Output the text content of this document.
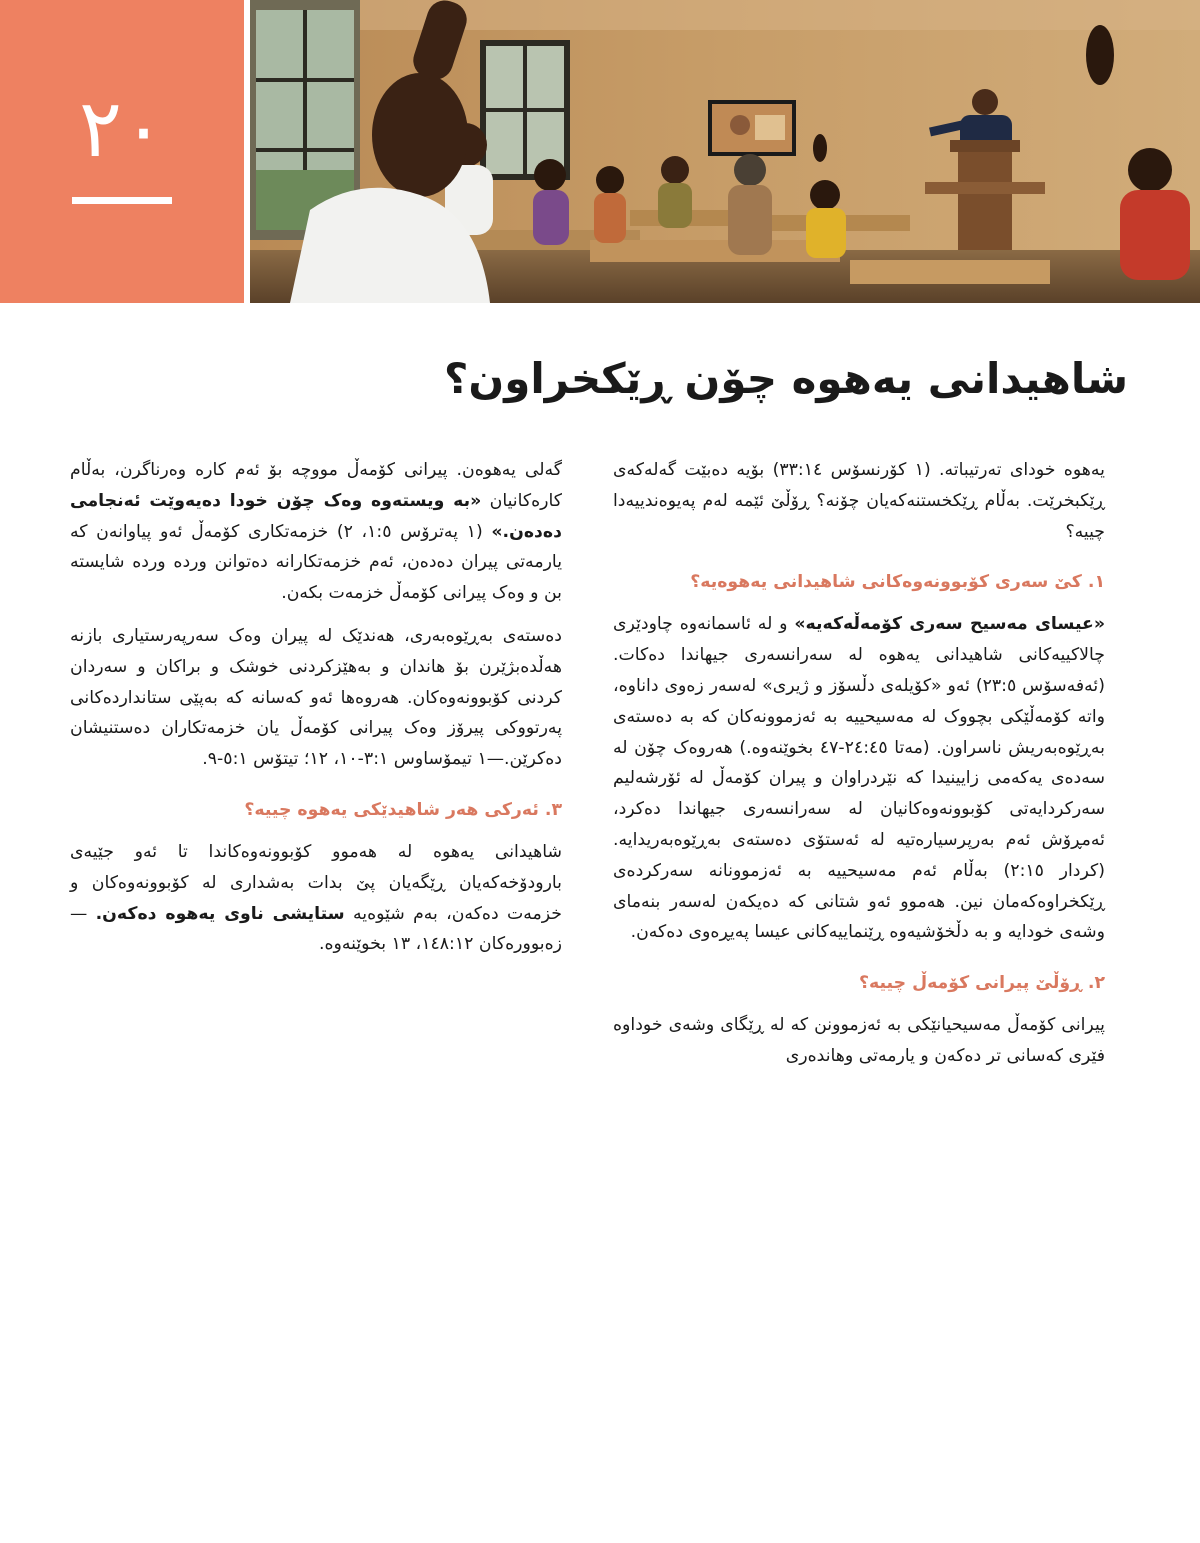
٢٠
شاهیدانی یەهوە چۆن ڕێکخراون؟

یەهوە خودای تەرتیباتە. (١ کۆرنسۆس ٣٣:١٤) بۆیە دەبێت گەلەکەی ڕێکبخرێت. بەڵام ڕێکخستنەکەیان چۆنە؟ ڕۆڵێ ئێمە لەم پەیوەندییەدا چییە؟

١. کێ سەری کۆبوونەوەکانی شاهیدانی یەهوەیە؟

«عیسای مەسیح سەری کۆمەڵەکەیە» و لە ئاسمانەوە چاودێری چالاکییەکانی شاهیدانی یەهوە لە سەرانسەری جیهاندا دەکات. (ئەفەسۆس ٢٣:٥) ئەو «کۆیلەی دڵسۆز و ژیری» لەسەر زەوی داناوە، واتە کۆمەڵێکی بچووک لە مەسیحییە بە ئەزموونەکان کە بە دەستەی بەڕێوەبەریش ناسراون. (مەتا ٢٤:٤٥-٤٧ بخوێنەوە.) هەروەک چۆن لە سەدەی یەکەمی زایینیدا کە نێردراوان و پیران کۆمەڵ لە ئۆرشەلیم سەرکردایەتی کۆبوونەوەکانیان لە سەرانسەری جیهاندا دەکرد، ئەمڕۆش ئەم بەرپرسیارەتیە لە ئەستۆی دەستەی بەڕێوەبەریدایە. (کردار ٢:١٥) بەڵام ئەم مەسیحییە بە ئەزموونانە سەرکردەی ڕێکخراوەکەمان نین. هەموو ئەو شتانی کە دەیکەن لەسەر بنەمای وشەی خودایە و بە دڵخۆشیەوە ڕێنماییەکانی عیسا پەیڕەوی دەکەن.

٢. ڕۆڵێ پیرانی کۆمەڵ چییە؟

پیرانی کۆمەڵ مەسیحیانێکی بە ئەزموونن کە لە ڕێگای وشەی خوداوە فێری کەسانی تر دەکەن و یارمەتی وهاندەری

گەلی یەهوەن. پیرانی کۆمەڵ مووچە بۆ ئەم کارە وەرناگرن، بەڵام کارەکانیان «بە ویستەوە وەک چۆن خودا دەیەوێت ئەنجامی دەدەن.» (١ پەترۆس ١:٥، ٢) خزمەتکاری کۆمەڵ ئەو پیاوانەن کە یارمەتی پیران دەدەن، ئەم خزمەتکارانە دەتوانن وردە وردە شایستە بن و وەک پیرانی کۆمەڵ خزمەت بکەن.

دەستەی بەڕێوەبەری، هەندێک لە پیران وەک سەرپەرستیاری بازنە هەڵدەبژێرن بۆ هاندان و بەهێزکردنی خوشک و براکان و سەردان کردنی کۆبوونەوەکان. هەروەها ئەو کەسانە کە بەپێی ستانداردەکانی پەرتووکی پیرۆز وەک پیرانی کۆمەڵ یان خزمەتکاران دەستنیشان دەکرێن.—١ تیمۆساوس ٣:١-١٠، ١٢؛ تیتۆس ٥:١-٩.

٣. ئەرکی هەر شاهیدێکی یەهوە چییە؟

شاهیدانی یەهوە لە هەموو کۆبوونەوەکاندا تا ئەو جێیەی بارودۆخەکەیان ڕێگەیان پێ بدات بەشداری لە کۆبوونەوەکان و خزمەت دەکەن، بەم شێوەیە ستایشی ناوی یەهوە دەکەن. —زەبوورەکان ١٤٨:١٢، ١٣ بخوێنەوە.
